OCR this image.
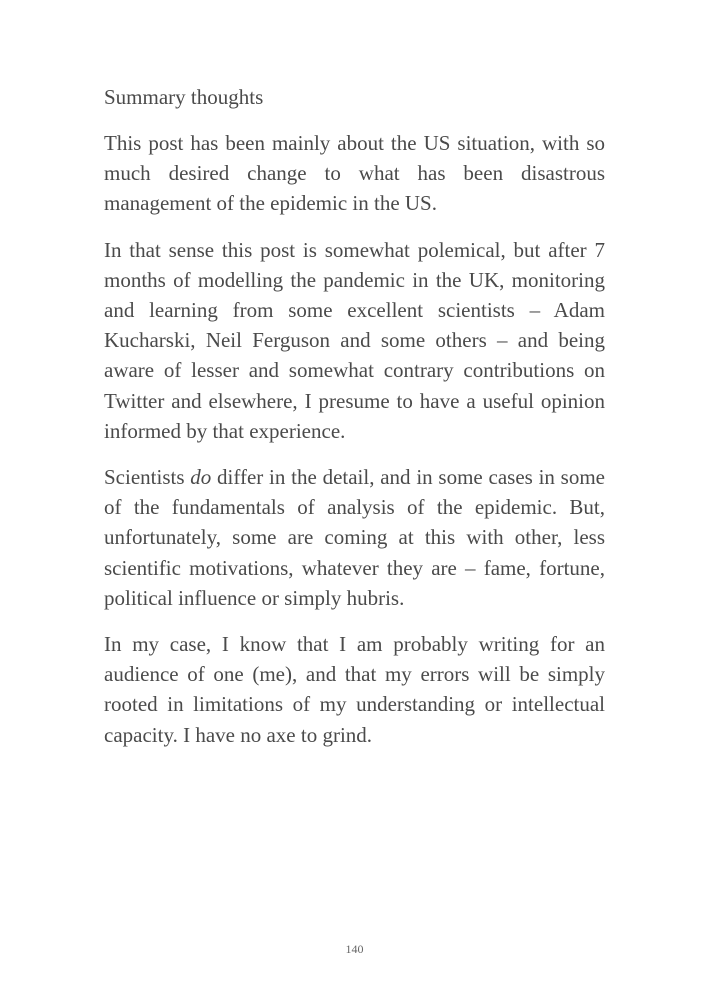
Summary thoughts

This post has been mainly about the US situation, with so much desired change to what has been disastrous management of the epidemic in the US.

In that sense this post is somewhat polemical, but after 7 months of modelling the pandemic in the UK, monitoring and learning from some excellent scientists – Adam Kucharski, Neil Ferguson and some others – and being aware of lesser and somewhat contrary contributions on Twitter and elsewhere, I presume to have a useful opinion informed by that experience.

Scientists do differ in the detail, and in some cases in some of the fundamentals of analysis of the epidemic. But, unfortunately, some are coming at this with other, less scientific motivations, whatever they are – fame, fortune, political influence or simply hubris.

In my case, I know that I am probably writing for an audience of one (me), and that my errors will be simply rooted in limitations of my understanding or intellectual capacity. I have no axe to grind.

140
